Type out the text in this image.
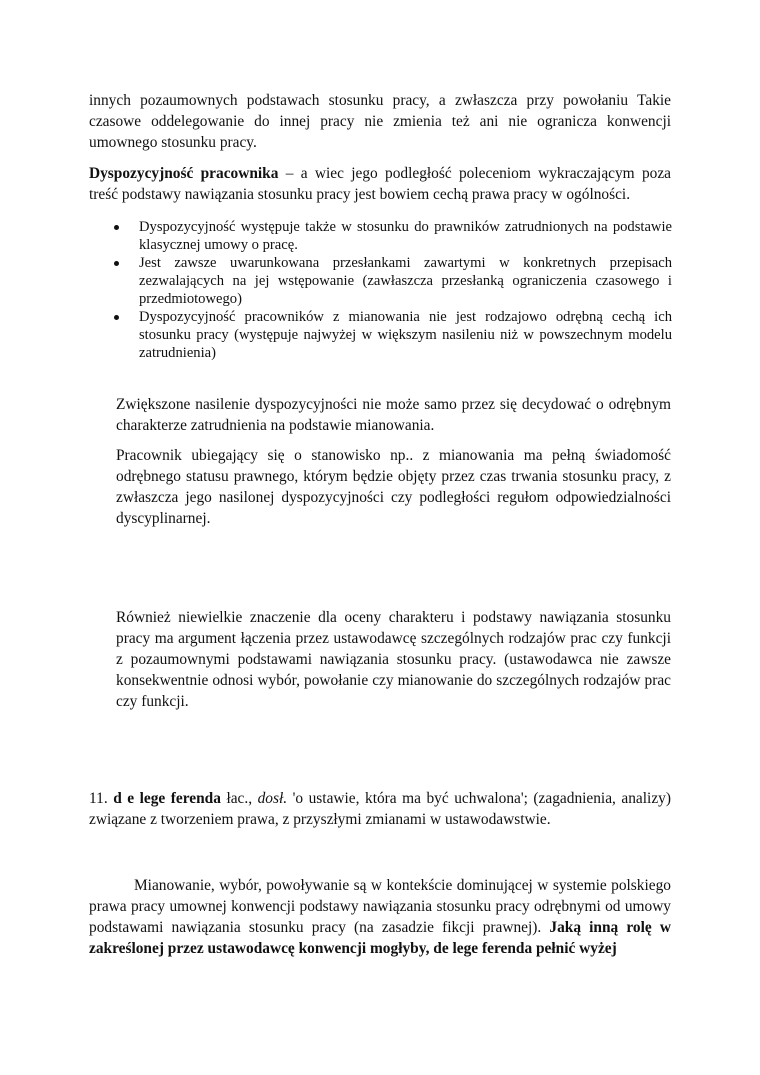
innych pozaumownych podstawach stosunku pracy, a zwłaszcza przy powołaniu Takie czasowe oddelegowanie do innej pracy nie zmienia też ani nie ogranicza konwencji umownego stosunku pracy.
Dyspozycyjność pracownika – a wiec jego podległość poleceniom wykraczającym poza treść podstawy nawiązania stosunku pracy jest bowiem cechą prawa pracy w ogólności.
Dyspozycyjność występuje także w stosunku do prawników zatrudnionych na podstawie klasycznej umowy o pracę.
Jest zawsze uwarunkowana przesłankami zawartymi w konkretnych przepisach zezwalających na jej wstępowanie (zawłaszcza przesłanką ograniczenia czasowego i przedmiotowego)
Dyspozycyjność pracowników z mianowania nie jest rodzajowo odrębną cechą ich stosunku pracy (występuje najwyżej w większym nasileniu niż w powszechnym modelu zatrudnienia)
Zwiększone nasilenie dyspozycyjności nie może samo przez się decydować o odrębnym charakterze zatrudnienia na podstawie mianowania.
Pracownik ubiegający się o stanowisko np.. z mianowania ma pełną świadomość odrębnego statusu prawnego, którym będzie objęty przez czas trwania stosunku pracy, z zwłaszcza jego nasilonej dyspozycyjności czy podległości regułom odpowiedzialności dyscyplinarnej.
Również niewielkie znaczenie dla oceny charakteru i podstawy nawiązania stosunku pracy ma argument łączenia przez ustawodawcę szczególnych rodzajów prac czy funkcji z pozaumownymi podstawami nawiązania stosunku pracy. (ustawodawca nie zawsze konsekwentnie odnosi wybór, powołanie czy mianowanie do szczególnych rodzajów prac czy funkcji.
11. d e lege ferenda łac., dosł. 'o ustawie, która ma być uchwalona'; (zagadnienia, analizy) związane z tworzeniem prawa, z przyszłymi zmianami w ustawodawstwie.
Mianowanie, wybór, powoływanie są w kontekście dominującej w systemie polskiego prawa pracy umownej konwencji podstawy nawiązania stosunku pracy odrębnymi od umowy podstawami nawiązania stosunku pracy (na zasadzie fikcji prawnej). Jaką inną rolę w zakreślonej przez ustawodawcę konwencji mogłyby, de lege ferenda pełnić wyżej
